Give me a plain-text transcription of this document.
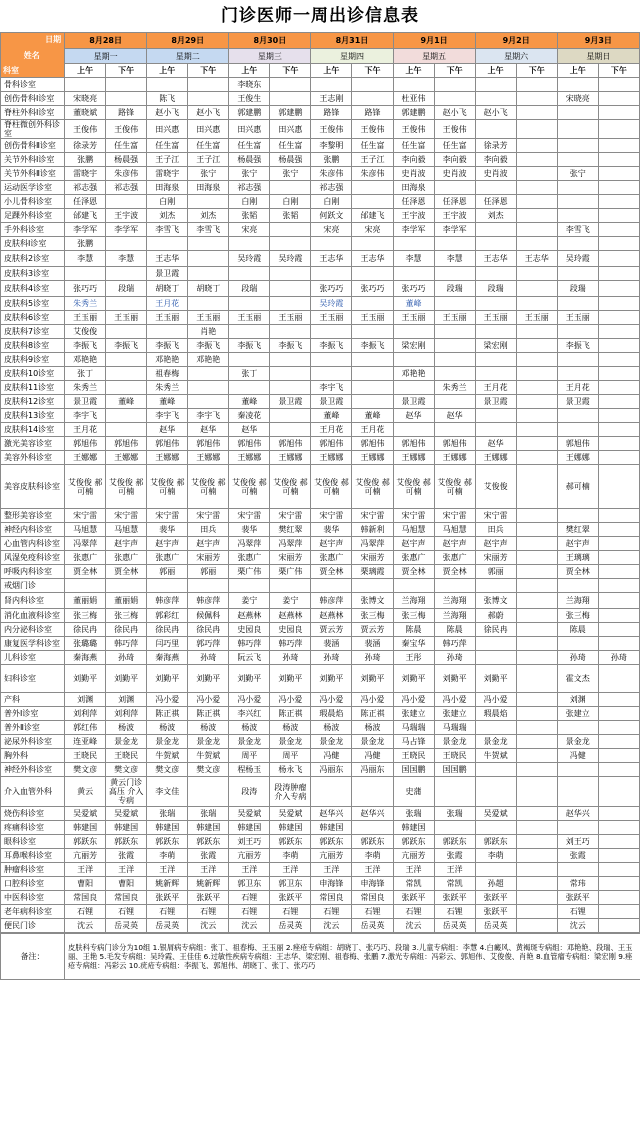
门诊医师一周出诊信息表
日期
姓名
科室	8月28日		8月29日		8月30日		8月31日		9月1日		9月2日		9月3日	
	星期一		星期二		星期三		星期四		星期五		星期六		星期日	
	上午	下午	上午	下午	上午	下午	上午	下午	上午	下午	上午	下午	上午	下午
骨科诊室					李晓东									
创伤骨科Ⅰ诊室	宋晓亮		陈飞		王俊生		王志刚		杜亚伟				宋晓亮	
脊柱外科Ⅰ诊室	董晓斌	路锋	赵小飞	赵小飞	郭建鹏	郭建鹏	路锋	路锋	郭建鹏	赵小飞	赵小飞			
脊柱微创外科诊室	王俊伟	王俊伟	田兴惠	田兴惠	田兴惠	田兴惠	王俊伟	王俊伟	王俊伟	王俊伟				
创伤骨科Ⅱ诊室	徐录芳	任生富	任生富	任生富	任生富	任生富	李黎明	任生富	任生富	任生富	徐录芳			
关节外科Ⅰ诊室	张鹏	杨晨强	王子江	王子江	杨晨强	杨晨强	张鹏	王子江	李向毅	李向毅	李向毅			
关节外科Ⅱ诊室	雷晓宇	朱彦伟	雷晓宇	张宁	张宁	张宁	朱彦伟	朱彦伟	史肖波	史肖波	史肖波		张宁	
运动医学诊室	祁志强	祁志强	田海泉	田海泉	祁志强		祁志强		田海泉					
小儿骨科诊室	任泽恩		白刚		白刚	白刚	白刚		任泽恩	任泽恩	任泽恩			
足踝外科诊室	邰建飞	王宇波	刘杰	刘杰	张韬	张韬	何跃文	邰建飞	王宇波	王宇波	刘杰			
手外科诊室	李学军	李学军	李雪飞	李雪飞	宋亮		宋亮	宋亮	李学军	李学军			李雪飞	
皮肤科Ⅰ诊室	张鹏													
皮肤科2诊室	李慧	李慧	王志华		吴玲霞	吴玲霞	王志华	王志华	李慧	李慧	王志华	王志华	吴玲霞	
皮肤科3诊室			景卫霞											
皮肤科4诊室	张巧巧	段瑞	胡晓丁	胡晓丁	段瑞		张巧巧	张巧巧	张巧巧	段瑞	段瑞		段瑞	
皮肤科5诊室	朱秀兰		王月花				吴玲霞		董峰					
皮肤科6诊室	王玉丽	王玉丽	王玉丽	王玉丽	王玉丽	王玉丽	王玉丽	王玉丽	王玉丽	王玉丽	王玉丽	王玉丽	王玉丽	
皮肤科7诊室	艾俊俊			肖艳										
皮肤科8诊室	李振飞	李振飞	李振飞	李振飞	李振飞	李振飞	李振飞	李振飞	梁宏刚		梁宏刚		李振飞	
皮肤科9诊室	邓艳艳		邓艳艳	邓艳艳										
皮肤科10诊室	张丁		祖春梅		张丁				邓艳艳					
皮肤科11诊室	朱秀兰		朱秀兰				李宇飞			朱秀兰	王月花		王月花	
皮肤科12诊室	景卫霞	董峰	董峰		董峰	景卫霞	景卫霞		景卫霞		景卫霞		景卫霞	
皮肤科13诊室	李宇飞		李宇飞	李宇飞	秦凌花		董峰	董峰	赵华	赵华				
皮肤科14诊室	王月花		赵华	赵华	赵华		王月花	王月花						
激光美容诊室	郭旭伟	郭旭伟	郭旭伟	郭旭伟	郭旭伟	郭旭伟	郭旭伟	郭旭伟	郭旭伟	郭旭伟	赵华		郭旭伟	
美容外科诊室	王娜娜	王娜娜	王娜娜	王娜娜	王娜娜	王娜娜	王娜娜	王娜娜	王娜娜	王娜娜	王娜娜		王娜娜	
美容皮肤科诊室	艾俊俊 郝可楠	艾俊俊 郝可楠	艾俊俊 郝可楠	艾俊俊 郝可楠	艾俊俊 郝可楠	艾俊俊 郝可楠	艾俊俊 郝可楠	艾俊俊 郝可楠	艾俊俊 郝可楠	艾俊俊 郝可楠	艾俊俊		郝可楠	
整形美容诊室	宋宁雷	宋宁雷	宋宁雷	宋宁雷	宋宁雷	宋宁雷	宋宁雷	宋宁雷	宋宁雷	宋宁雷	宋宁雷			
神经内科诊室	马旭慧	马旭慧	裴华	田兵	裴华	樊红翠	裴华	韩新利	马旭慧	马旭慧	田兵		樊红翠	
心血管内科诊室	冯翠萍	赵宇声	赵宇声	赵宇声	冯翠萍	冯翠萍	赵宇声	冯翠萍	赵宇声	赵宇声	赵宇声		赵宇声	
风湿免疫科诊室	张惠广	张惠广	张惠广	宋丽芳	张惠广	宋丽芳	张惠广	宋丽芳	张惠广	张惠广	宋丽芳		王璃璃	
呼吸内科诊室	贾全林	贾全林	郭丽	郭丽	栗广伟	栗广伟	贾全林	栗璃霞	贾全林	贾全林	郭丽		贾全林	
戒烟门诊														
肾内科诊室	董丽娟	董丽娟	韩彦萍	韩彦萍	姜宁	姜宁	韩彦萍	张博文	兰海翔	兰海翔	张博文		兰海翔	
消化血液科诊室	张三梅	张三梅	郭彩红	候佩科	赵燕林	赵燕林	赵燕林	张三梅	张三梅	兰海翔	郝蔚		张三梅	
内分泌科诊室	徐民冉	徐民冉	徐民冉	徐民冉	史园良	史园良	贾云芳	贾云芳	陈晨	陈晨	徐民冉		陈晨	
康复医学科诊室	张璐璐	韩巧萍	闫巧里	郭巧萍	韩巧萍	韩巧萍	裴涵	裴涵	秦宝华	韩巧萍				
儿科诊室	秦海燕	孙琦	秦海燕	孙琦	阮云飞	孙琦	孙琦	孙琦	王彤	孙琦			孙琦	孙琦
妇科诊室	刘勤平	刘勤平	刘勤平	刘勤平	刘勤平	刘勤平	刘勤平	刘勤平	刘勤平	刘勤平	刘勤平		霍文杰	
产科	刘渊	刘渊	冯小爱	冯小爱	冯小爱	冯小爱	冯小爱	冯小爱	冯小爱	冯小爱	冯小爱		刘渊	
普外Ⅰ诊室	刘利萍	刘利萍	陈正祺	陈正祺	李兴红	陈正祺	瑕晨焰	陈正祺	张建立	张建立	瑕晨焰		张建立	
普外Ⅱ诊室	郭红伟	杨波	杨波	杨波	杨波	杨波	杨波	杨波	马瑞瑞	马瑞瑞				
泌尿外科诊室	连亚峰	景金龙	景金龙	景金龙	景金龙	景金龙	景金龙	景金龙	马占锋	景金龙	景金龙		景金龙	
胸外科	王晓民	王晓民	牛贺斌	牛贺斌	周平	周平	冯健	冯健	王晓民	王晓民	牛贺斌		冯健	
神经外科诊室	樊文彦	樊文彦	樊文彦	樊文彦	程杨玉	杨永飞	冯丽东	冯丽东	国国鹏	国国鹏				
介入血管外科	黄云	黄云门诊 高压 介入专病	李文佳		段涛	段涛肿瘤 介入专病			史蒲					
烧伤科诊室	吴爱斌	吴爱斌	张瑞	张瑞	吴爱斌	吴爱斌	赵华兴	赵华兴	张瑞	张瑞	吴爱斌		赵华兴	
疼痛科诊室	韩建国	韩建国	韩建国	韩建国	韩建国	韩建国	韩建国		韩建国					
眼科诊室	郭跃东	郭跃东	郭跃东	郭跃东	刘王巧	郭跃东	郭跃东	郭跃东	郭跃东	郭跃东	郭跃东		刘王巧	
耳鼻喉科诊室	亢丽芳	张霞	李萌	张霞	亢丽芳	李萌	亢丽芳	李萌	亢丽芳	张霞	李萌		张霞	
肿瘤科诊室	王洋	王洋	王洋	王洋	王洋	王洋	王洋	王洋	王洋	王洋				
口腔科诊室	曹阳	曹阳	姚新辉	姚新辉	郭卫东	郭卫东	申海锋	申海锋	常凯	常凯	孙超		常玮	
中医科诊室	常国良	常国良	张跃平	张跃平	石锂	张跃平	常国良	常国良	张跃平	张跃平	张跃平		张跃平	
老年病科诊室	石锂	石锂	石锂	石锂	石锂	石锂	石锂	石锂	石锂	石锂	张跃平		石锂	
便民门诊	沈云	岳灵英	岳灵英	沈云	沈云	岳灵英	沈云	岳灵英	沈云	岳灵英	岳灵英		沈云	
备注：	皮肤科专病门诊分为10组 1.银屑病专病组：张丁、祖春梅、王玉丽 2.痤疮专病组：胡晓丁、张巧巧、段瑞 3.儿童专病组：李慧 4.白癜风、黄褐斑专病组：邓艳艳、段瑞、王玉丽、王艳 5.毛发专病组：吴玲霞、王佳佳 6.过敏性疾病专病组：王志华、梁宏刚、祖春梅、张鹏 7.激光专病组：冯彩云、郭旭伟、艾俊俊、肖艳 8.血管瘤专病组：梁宏刚 9.痤疮专病组：冯彩云 10.疣疮专病组：李振飞、郭旭伟、胡晓丁、张丁、张巧巧
